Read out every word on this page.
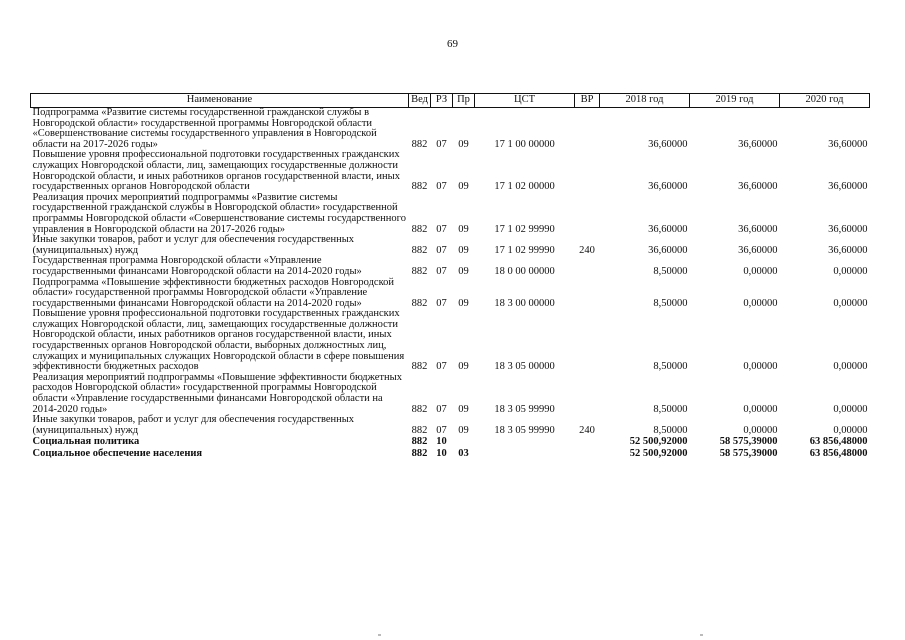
69
Наименование	Вед	РЗ	Пр	ЦСТ	ВР	2018 год	2019 год	2020 год
Подпрограмма «Развитие системы государственной гражданской службы в Новгородской области» государственной программы Новгородской области «Совершенствование системы государственного управления в Новгородской области на 2017-2026 годы»	882	07	09	17 1 00 00000		36,60000	36,60000	36,60000
Повышение уровня профессиональной подготовки государственных гражданских служащих Новгородской области, лиц, замещающих государственные должности Новгородской области, и иных работников органов государственной власти, иных государственных органов Новгородской области	882	07	09	17 1 02 00000		36,60000	36,60000	36,60000
Реализация прочих мероприятий подпрограммы «Развитие системы государственной гражданской службы в Новгородской области» государственной программы Новгородской области «Совершенствование системы государственного управления в Новгородской области на 2017-2026 годы»	882	07	09	17 1 02 99990		36,60000	36,60000	36,60000
Иные закупки товаров, работ и услуг для обеспечения государственных (муниципальных) нужд	882	07	09	17 1 02 99990	240	36,60000	36,60000	36,60000
Государственная программа Новгородской области «Управление государственными финансами Новгородской области на 2014-2020 годы»	882	07	09	18 0 00 00000		8,50000	0,00000	0,00000
Подпрограмма «Повышение эффективности бюджетных расходов Новгородской области» государственной программы Новгородской области «Управление государственными финансами Новгородской области на 2014-2020 годы»	882	07	09	18 3 00 00000		8,50000	0,00000	0,00000
Повышение уровня профессиональной подготовки государственных гражданских служащих Новгородской области, лиц, замещающих государственные должности Новгородской области, иных работников органов государственной власти, иных государственных органов Новгородской области, выборных должностных лиц, служащих и муниципальных служащих Новгородской области в сфере повышения эффективности бюджетных расходов	882	07	09	18 3 05 00000		8,50000	0,00000	0,00000
Реализация мероприятий подпрограммы «Повышение эффективности бюджетных расходов Новгородской области» государственной программы Новгородской области «Управление государственными финансами Новгородской области на 2014-2020 годы»	882	07	09	18 3 05 99990		8,50000	0,00000	0,00000
Иные закупки товаров, работ и услуг для обеспечения государственных (муниципальных) нужд	882	07	09	18 3 05 99990	240	8,50000	0,00000	0,00000
Социальная политика	882	10				52 500,92000	58 575,39000	63 856,48000
Социальное обеспечение населения	882	10	03			52 500,92000	58 575,39000	63 856,48000
